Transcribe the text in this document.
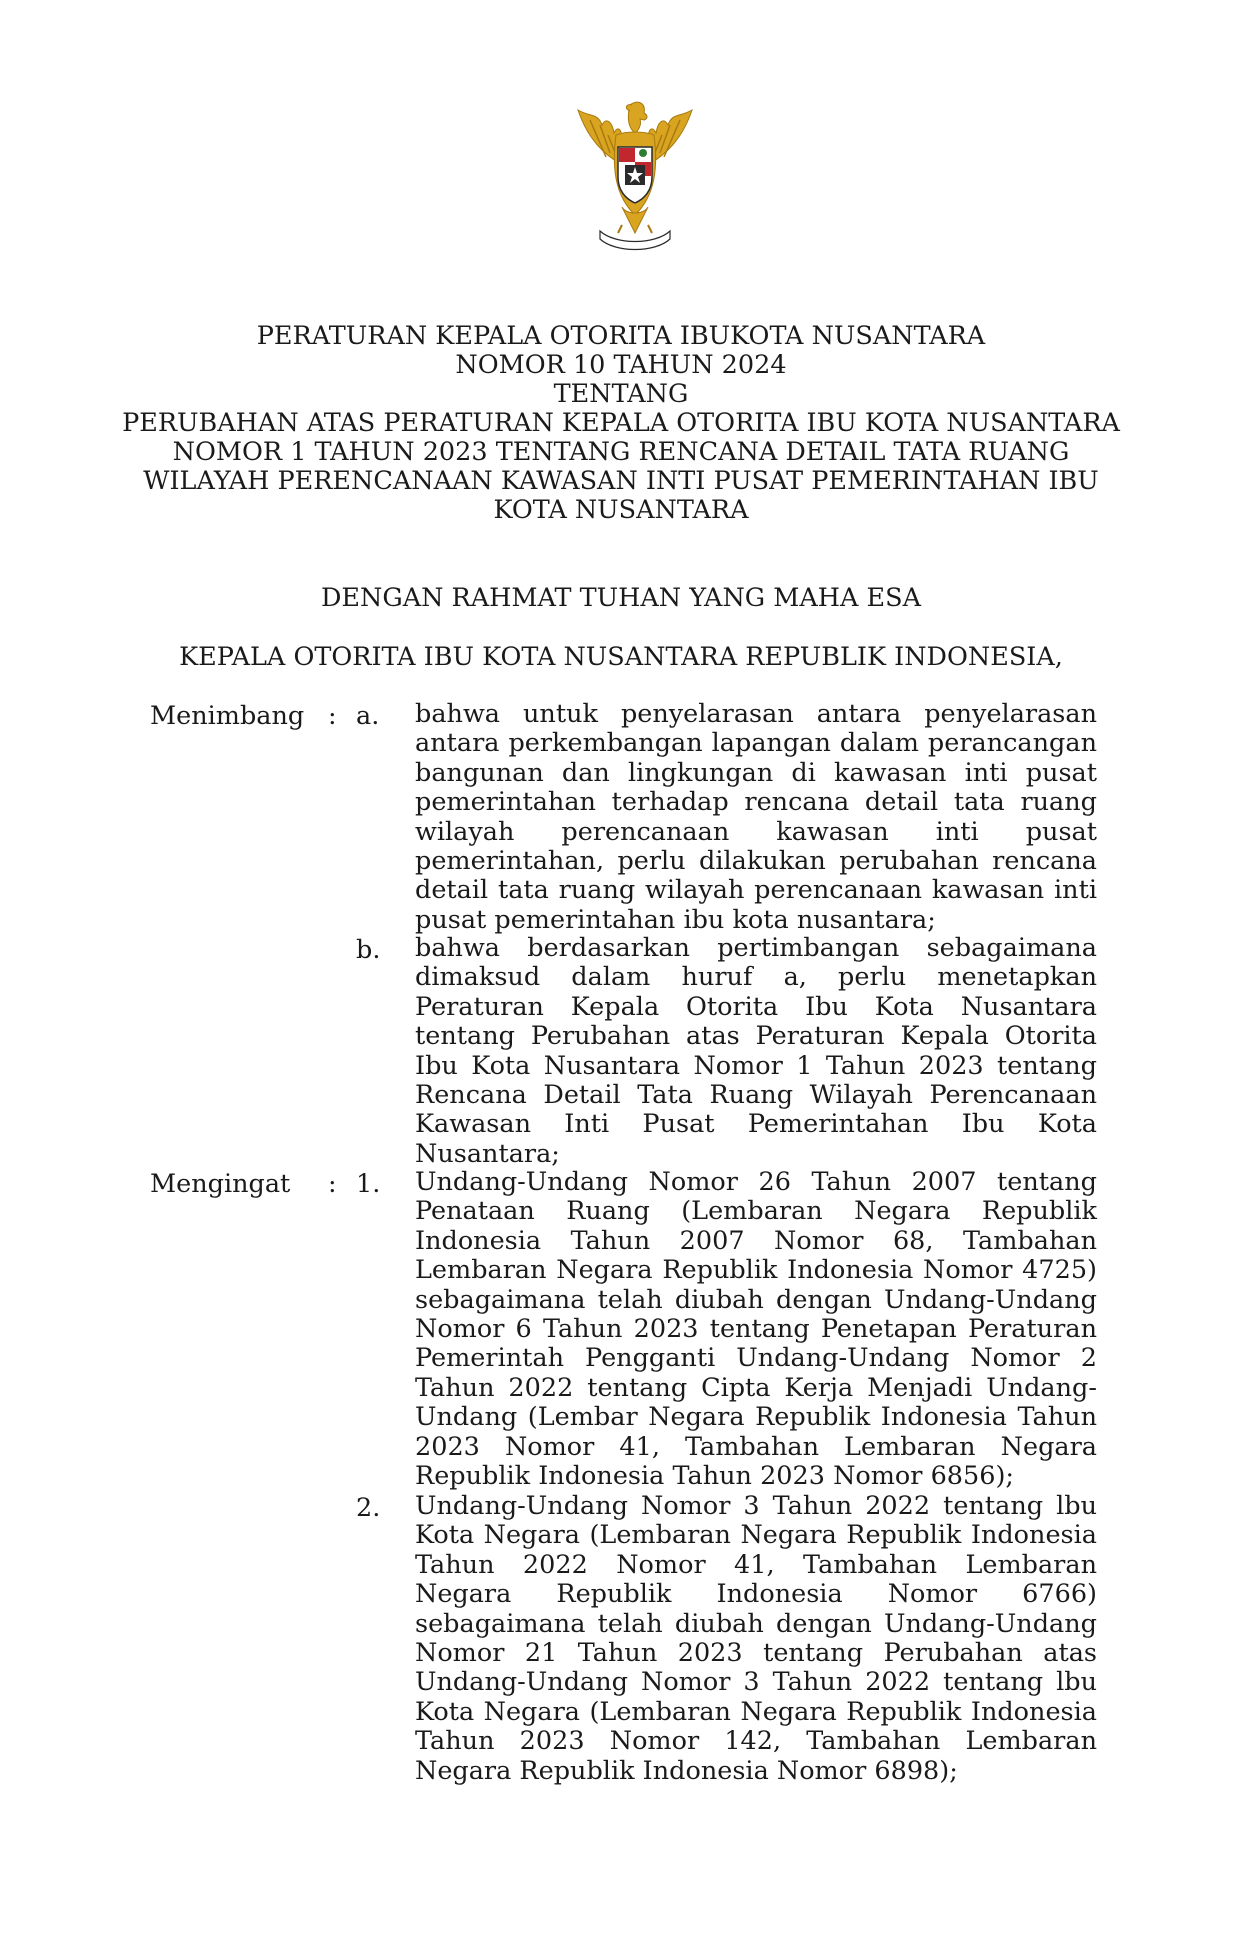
PERATURAN KEPALA OTORITA IBUKOTA NUSANTARA
NOMOR 10 TAHUN 2024
TENTANG
PERUBAHAN ATAS PERATURAN KEPALA OTORITA IBU KOTA NUSANTARA
NOMOR 1 TAHUN 2023 TENTANG RENCANA DETAIL TATA RUANG
WILAYAH PERENCANAAN KAWASAN INTI PUSAT PEMERINTAHAN IBU
KOTA NUSANTARA
DENGAN RAHMAT TUHAN YANG MAHA ESA
KEPALA OTORITA IBU KOTA NUSANTARA REPUBLIK INDONESIA,
Menimbang : a. bahwa untuk penyelarasan antara penyelarasan antara perkembangan lapangan dalam perancangan bangunan dan lingkungan di kawasan inti pusat pemerintahan terhadap rencana detail tata ruang wilayah perencanaan kawasan inti pusat pemerintahan, perlu dilakukan perubahan rencana detail tata ruang wilayah perencanaan kawasan inti pusat pemerintahan ibu kota nusantara;
b. bahwa berdasarkan pertimbangan sebagaimana dimaksud dalam huruf a, perlu menetapkan Peraturan Kepala Otorita Ibu Kota Nusantara tentang Perubahan atas Peraturan Kepala Otorita Ibu Kota Nusantara Nomor 1 Tahun 2023 tentang Rencana Detail Tata Ruang Wilayah Perencanaan Kawasan Inti Pusat Pemerintahan Ibu Kota Nusantara;
Mengingat : 1. Undang-Undang Nomor 26 Tahun 2007 tentang Penataan Ruang (Lembaran Negara Republik Indonesia Tahun 2007 Nomor 68, Tambahan Lembaran Negara Republik Indonesia Nomor 4725) sebagaimana telah diubah dengan Undang-Undang Nomor 6 Tahun 2023 tentang Penetapan Peraturan Pemerintah Pengganti Undang-Undang Nomor 2 Tahun 2022 tentang Cipta Kerja Menjadi Undang-Undang (Lembar Negara Republik Indonesia Tahun 2023 Nomor 41, Tambahan Lembaran Negara Republik Indonesia Tahun 2023 Nomor 6856);
2. Undang-Undang Nomor 3 Tahun 2022 tentang lbu Kota Negara (Lembaran Negara Republik Indonesia Tahun 2022 Nomor 41, Tambahan Lembaran Negara Republik Indonesia Nomor 6766) sebagaimana telah diubah dengan Undang-Undang Nomor 21 Tahun 2023 tentang Perubahan atas Undang-Undang Nomor 3 Tahun 2022 tentang lbu Kota Negara (Lembaran Negara Republik Indonesia Tahun 2023 Nomor 142, Tambahan Lembaran Negara Republik Indonesia Nomor 6898);
